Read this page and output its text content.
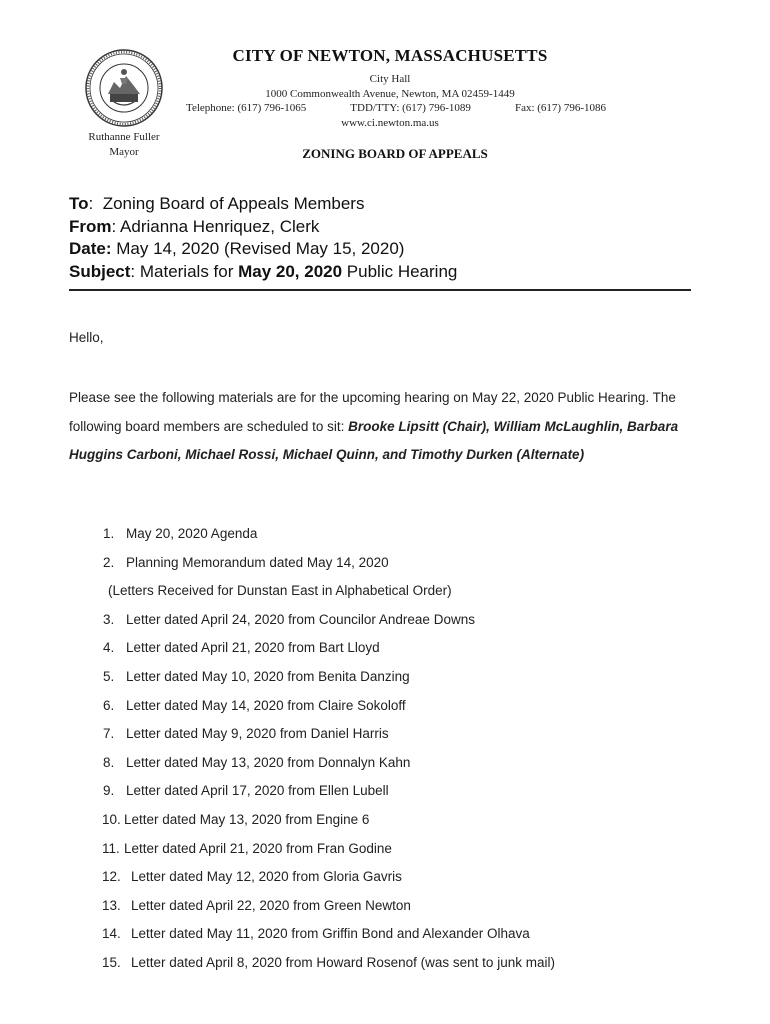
CITY OF NEWTON, MASSACHUSETTS
City Hall
1000 Commonwealth Avenue, Newton, MA 02459-1449
Telephone: (617) 796-1065	TDD/TTY: (617) 796-1089	Fax: (617) 796-1086
www.ci.newton.ma.us
Ruthanne Fuller
Mayor	ZONING BOARD OF APPEALS
To:  Zoning Board of Appeals Members
From: Adrianna Henriquez, Clerk
Date: May 14, 2020 (Revised May 15, 2020)
Subject: Materials for May 20, 2020 Public Hearing
Hello,
Please see the following materials are for the upcoming hearing on May 22, 2020 Public Hearing. The following board members are scheduled to sit: Brooke Lipsitt (Chair), William McLaughlin, Barbara Huggins Carboni, Michael Rossi, Michael Quinn, and Timothy Durken (Alternate)
1. May 20, 2020 Agenda
2. Planning Memorandum dated May 14, 2020
(Letters Received for Dunstan East in Alphabetical Order)
3. Letter dated April 24, 2020 from Councilor Andreae Downs
4. Letter dated April 21, 2020 from Bart Lloyd
5. Letter dated May 10, 2020 from Benita Danzing
6. Letter dated May 14, 2020 from Claire Sokoloff
7. Letter dated May 9, 2020 from Daniel Harris
8. Letter dated May 13, 2020 from Donnalyn Kahn
9. Letter dated April 17, 2020 from Ellen Lubell
10. Letter dated May 13, 2020 from Engine 6
11. Letter dated April 21, 2020 from Fran Godine
12. Letter dated May 12, 2020 from Gloria Gavris
13. Letter dated April 22, 2020 from Green Newton
14. Letter dated May 11, 2020 from Griffin Bond and Alexander Olhava
15. Letter dated April 8, 2020 from Howard Rosenof (was sent to junk mail)
